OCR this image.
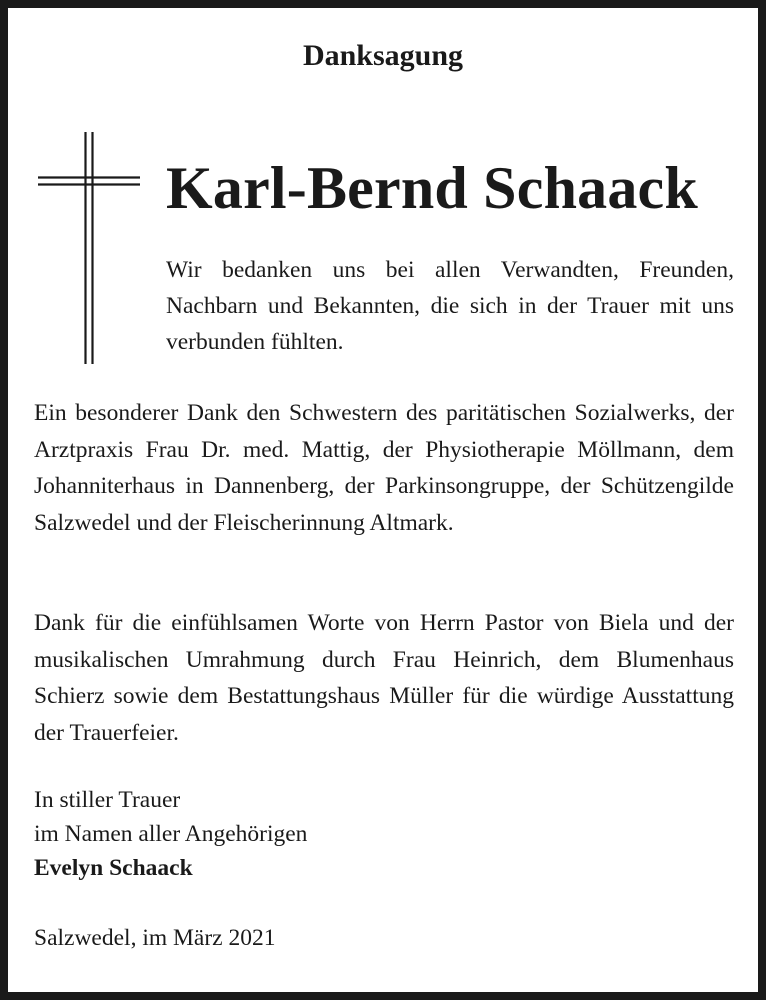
Danksagung
Karl-Bernd Schaack

Wir bedanken uns bei allen Verwandten, Freunden, Nachbarn und Bekannten, die sich in der Trauer mit uns verbunden fühlten.

Ein besonderer Dank den Schwestern des paritätischen Sozialwerks, der Arztpraxis Frau Dr. med. Mattig, der Physiotherapie Möllmann, dem Johanniterhaus in Dannenberg, der Parkinsongruppe, der Schützengilde Salzwedel und der Fleischerinnung Altmark.

Dank für die einfühlsamen Worte von Herrn Pastor von Biela und der musikalischen Umrahmung durch Frau Heinrich, dem Blumenhaus Schierz sowie dem Bestattungshaus Müller für die würdige Ausstattung der Trauerfeier.

In stiller Trauer
im Namen aller Angehörigen
Evelyn Schaack

Salzwedel, im März 2021
